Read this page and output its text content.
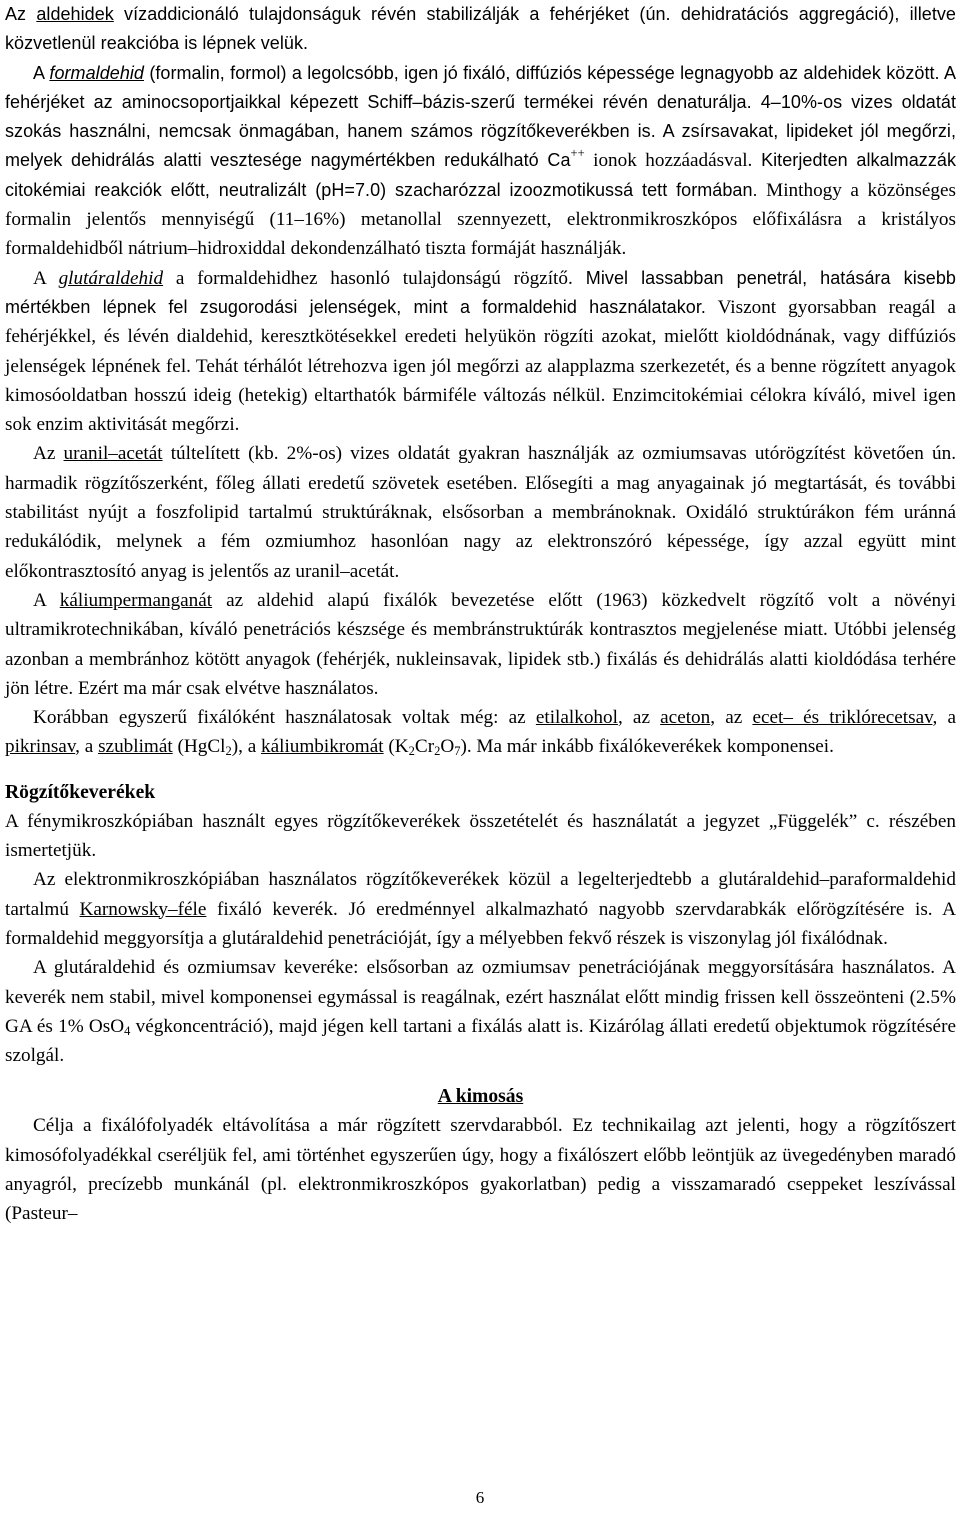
Az aldehidek vízaddicionáló tulajdonságuk révén stabilizálják a fehérjéket (ún. dehidratációs aggregáció), illetve közvetlenül reakcióba is lépnek velük.

A formaldehid (formalin, formol) a legolcsóbb, igen jó fixáló, diffúziós képessége legnagyobb az aldehidek között. A fehérjéket az aminocsoportjaikkal képezett Schiff–bázis-szerű termékei révén denaturálja. 4–10%-os vizes oldatát szokás használni, nemcsak önmagában, hanem számos rögzítőkeverékben is. A zsírsavakat, lipideket jól megőrzi, melyek dehidrálás alatti vesztesége nagymértékben redukálható Ca++ ionok hozzáadásval. Kiterjedten alkalmazzák citokémiai reakciók előtt, neutralizált (pH=7.0) szacharózzal izoozmotikussá tett formában. Minthogy a közönséges formalin jelentős mennyiségű (11–16%) metanollal szennyezett, elektronmikroszkópos előfixálásra a kristályos formaldehidből nátrium–hidroxiddal dekondenzálható tiszta formáját használják.

A glutáraldehid a formaldehidhez hasonló tulajdonságú rögzítő. Mivel lassabban penetrál, hatására kisebb mértékben lépnek fel zsugorodási jelenségek, mint a formaldehid használatakor. Viszont gyorsabban reagál a fehérjékkel, és lévén dialdehid, keresztkötésekkel eredeti helyükön rögzíti azokat, mielőtt kioldódnának, vagy diffúziós jelenségek lépnének fel. Tehát térhálót létrehozva igen jól megőrzi az alapplazma szerkezetét, és a benne rögzített anyagok kimosóoldatban hosszú ideig (hetekig) eltarthatók bármiféle változás nélkül. Enzimcitokémiai célokra kíváló, mivel igen sok enzim aktivitását megőrzi.

Az uranil–acetát túltelített (kb. 2%-os) vizes oldatát gyakran használják az ozmiumsavas utórögzítést követően ún. harmadik rögzítőszerként, főleg állati eredetű szövetek esetében. Elősegíti a mag anyagainak jó megtartását, és további stabilitást nyújt a foszfolipid tartalmú struktúráknak, elsősorban a membránoknak. Oxidáló struktúrákon fém uránná redukálódik, melynek a fém ozmiumhoz hasonlóan nagy az elektronszóró képessége, így azzal együtt mint előkontrasztosító anyag is jelentős az uranil–acetát.

A káliumpermanganát az aldehid alapú fixálók bevezetése előtt (1963) közkedvelt rögzítő volt a növényi ultramikrotechnikában, kíváló penetrációs készsége és membránstruktúrák kontrasztos megjelenése miatt. Utóbbi jelenség azonban a membránhoz kötött anyagok (fehérjék, nukleinsavak, lipidek stb.) fixálás és dehidrálás alatti kioldódása terhére jön létre. Ezért ma már csak elvétve használatos.

Korábban egyszerű fixálóként használatosak voltak még: az etilalkohol, az aceton, az ecet– és triklórecetsav, a pikrinsav, a szublimát (HgCl$_2$), a káliumbikromát $(K_2Cr_2O_7)$. Ma már inkább fixálókeverékek komponensei.

Rögzítőkeverékek

A fénymikroszkópiában használt egyes rögzítőkeverékek összetételét és használatát a jegyzet „Függelék” c. részében ismertetjük.

Az elektronmikroszkópiában használatos rögzítőkeverékek közül a legelterjedtebb a glutáraldehid–paraformaldehid tartalmú Karnowsky–féle fixáló keverék. Jó eredménnyel alkalmazható nagyobb szervdarabkák előrögzítésére is. A formaldehid meggyorsítja a glutáraldehid penetrációját, így a mélyebben fekvő részek is viszonylag jól fixálódnak.

A glutáraldehid és ozmiumsav keveréke: elsősorban az ozmiumsav penetrációjának meggyorsítására használatos. A keverék nem stabil, mivel komponensei egymással is reagálnak, ezért használat előtt mindig frissen kell összeönteni (2.5% GA és 1% OsO$_4$ végkoncentráció), majd jégen kell tartani a fixálás alatt is. Kizárólag állati eredetű objektumok rögzítésére szolgál.

A kimosás

Célja a fixálófolyadék eltávolítása a már rögzített szervdarabból. Ez technikailag azt jelenti, hogy a rögzítőszert kimosófolyadékkal cseréljük fel, ami történhet egyszerűen úgy, hogy a fixálószert előbb leöntjük az üvegedényben maradó anyagról, precízebb munkánál (pl. elektronmikroszkópos gyakorlatban) pedig a visszamaradó cseppeket leszívással (Pasteur–

6
